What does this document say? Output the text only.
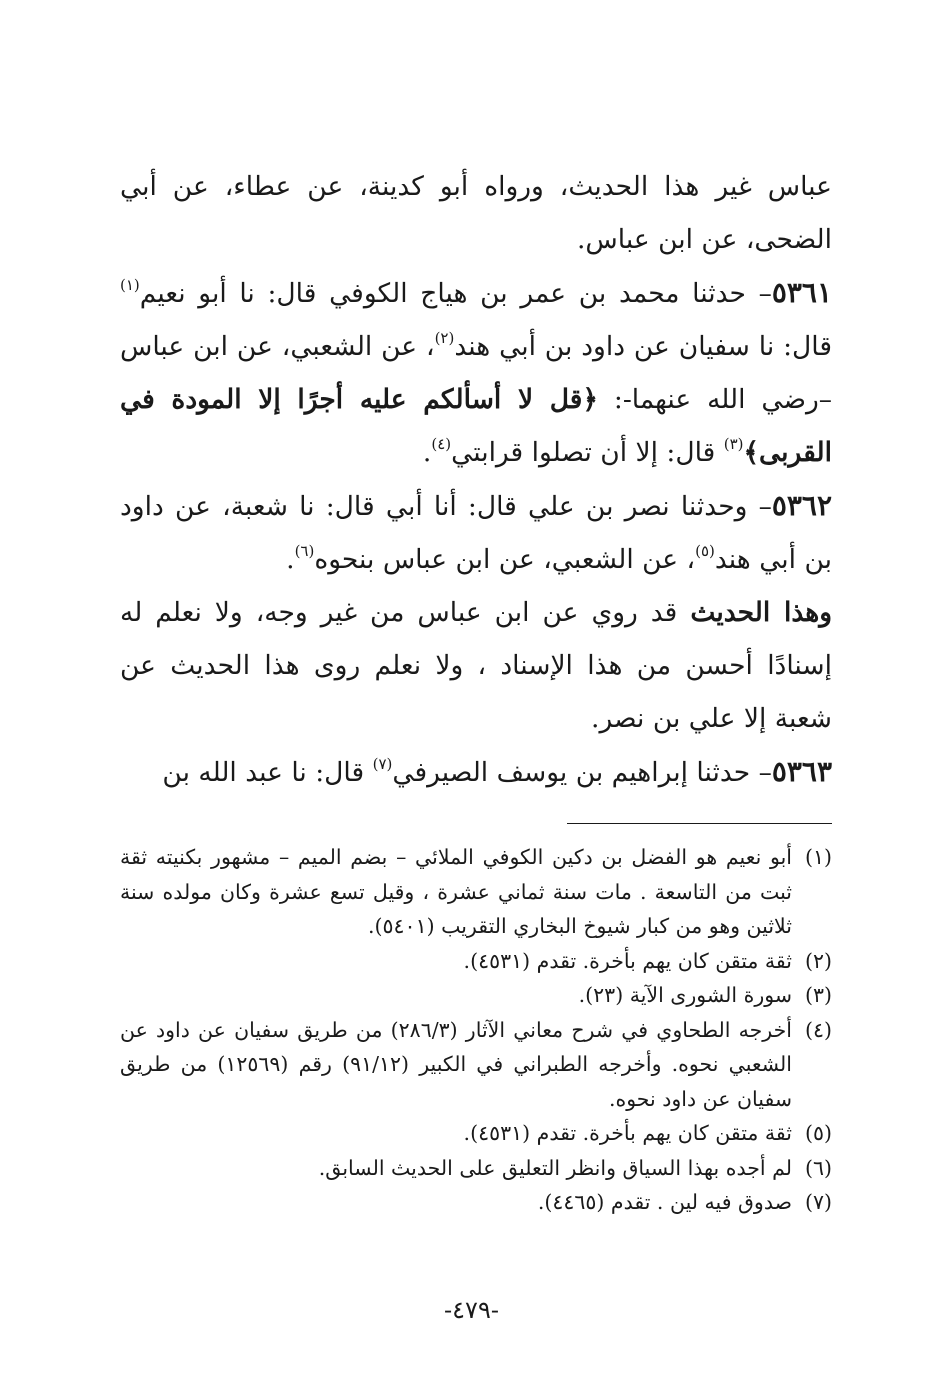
عباس غير هذا الحديث، ورواه أبو كدينة، عن عطاء، عن أبي الضحى، عن ابن عباس.

٥٣٦١– حدثنا محمد بن عمر بن هياج الكوفي قال: نا أبو نعيم$^{(١)}$ قال: نا سفيان عن داود بن أبي هند$^{(٢)}$، عن الشعبي، عن ابن عباس –رضي الله عنهما-: ﴿قل لا أسألكم عليه أجرًا إلا المودة في القربى﴾$^{(٣)}$ قال: إلا أن تصلوا قرابتي$^{(٤)}$.

٥٣٦٢– وحدثنا نصر بن علي قال: أنا أبي قال: نا شعبة، عن داود بن أبي هند$^{(٥)}$، عن الشعبي، عن ابن عباس بنحوه$^{(٦)}$.

وهذا الحديث قد روي عن ابن عباس من غير وجه، ولا نعلم له إسنادًا أحسن من هذا الإسناد ، ولا نعلم روى هذا الحديث عن شعبة إلا علي بن نصر.

٥٣٦٣– حدثنا إبراهيم بن يوسف الصيرفي$^{(٧)}$ قال: نا عبد الله بن

(١)أبو نعيم هو الفضل بن دكين الكوفي الملائي – بضم الميم – مشهور بكنيته ثقة ثبت من التاسعة . مات سنة ثماني عشرة ، وقيل تسع عشرة وكان مولده سنة ثلاثين وهو من كبار شيوخ البخاري التقريب (٥٤٠١).

(٢)ثقة متقن كان يهم بأخرة. تقدم (٤٥٣١).

(٣)سورة الشورى الآية (٢٣).

(٤)أخرجه الطحاوي في شرح معاني الآثار (٢٨٦/٣) من طريق سفيان عن داود عن الشعبي نحوه. وأخرجه الطبراني في الكبير (٩١/١٢) رقم (١٢٥٦٩) من طريق سفيان عن داود نحوه.

(٥)ثقة متقن كان يهم بأخرة. تقدم (٤٥٣١).

(٦)لم أجده بهذا السياق وانظر التعليق على الحديث السابق.

(٧)صدوق فيه لين . تقدم (٤٤٦٥).

-٤٧٩-
